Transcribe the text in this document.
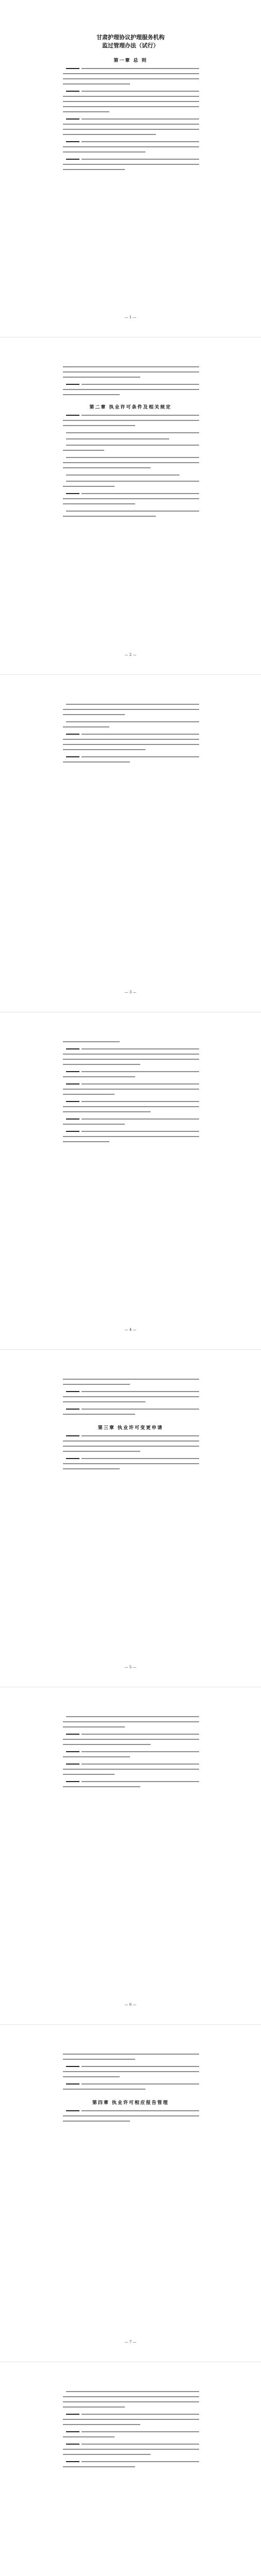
甘肃护理协议护理服务机构
监过管理办法（试行）
第一章 总 则
— 1 —
第二章 执业许可条件及相关规定
— 2 —
— 3 —
— 4 —
第三章 执业许可变更申请
— 5 —
— 6 —
第四章 执业许可相应报告管理
— 7 —
